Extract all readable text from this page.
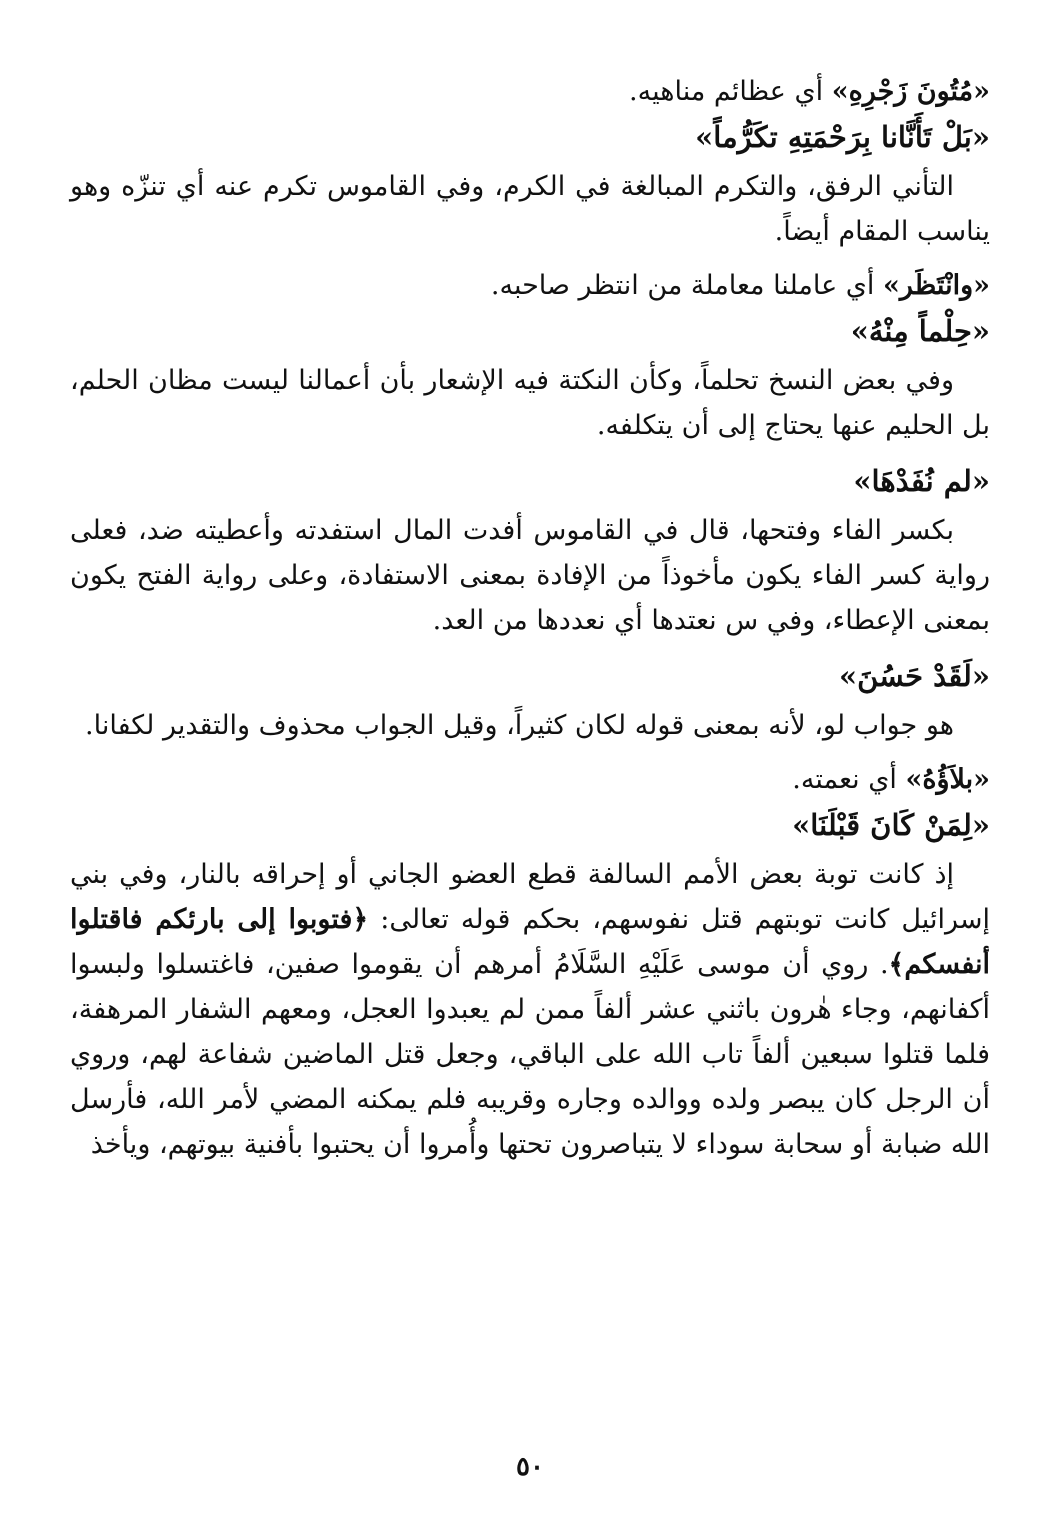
«مُتُونَ زَجْرِهِ» أي عظائم مناهيه.

«بَلْ تَأَنَّانا بِرَحْمَتِهِ تكَرُّماً»

التأني الرفق، والتكرم المبالغة في الكرم، وفي القاموس تكرم عنه أي تنزّه وهو يناسب المقام أيضاً.

«وانْتَظَر» أي عاملنا معاملة من انتظر صاحبه.

«حِلْماً مِنْهُ»

وفي بعض النسخ تحلماً، وكأن النكتة فيه الإشعار بأن أعمالنا ليست مظان الحلم، بل الحليم عنها يحتاج إلى أن يتكلفه.

«لم نُفَدْهَا»

بكسر الفاء وفتحها، قال في القاموس أفدت المال استفدته وأعطيته ضد، فعلى رواية كسر الفاء يكون مأخوذاً من الإفادة بمعنى الاستفادة، وعلى رواية الفتح يكون بمعنى الإعطاء، وفي س نعتدها أي نعددها من العد.

«لَقَدْ حَسُنَ»

هو جواب لو، لأنه بمعنى قوله لكان كثيراً، وقيل الجواب محذوف والتقدير لكفانا.

«بلاَؤُهُ» أي نعمته.

«لِمَنْ كَانَ قَبْلَنَا»

إذ كانت توبة بعض الأمم السالفة قطع العضو الجاني أو إحراقه بالنار، وفي بني إسرائيل كانت توبتهم قتل نفوسهم، بحكم قوله تعالى: ﴿فتوبوا إلى بارئكم فاقتلوا أنفسكم﴾. روي أن موسى عَلَيْهِ السَّلَامُ أمرهم أن يقوموا صفين، فاغتسلوا ولبسوا أكفانهم، وجاء هٰرون باثني عشر ألفاً ممن لم يعبدوا العجل، ومعهم الشفار المرهفة، فلما قتلوا سبعين ألفاً تاب الله على الباقي، وجعل قتل الماضين شفاعة لهم، وروي أن الرجل كان يبصر ولده ووالده وجاره وقريبه فلم يمكنه المضي لأمر الله، فأرسل الله ضبابة أو سحابة سوداء لا يتباصرون تحتها وأُمروا أن يحتبوا بأفنية بيوتهم، ويأخذ

٥٠
